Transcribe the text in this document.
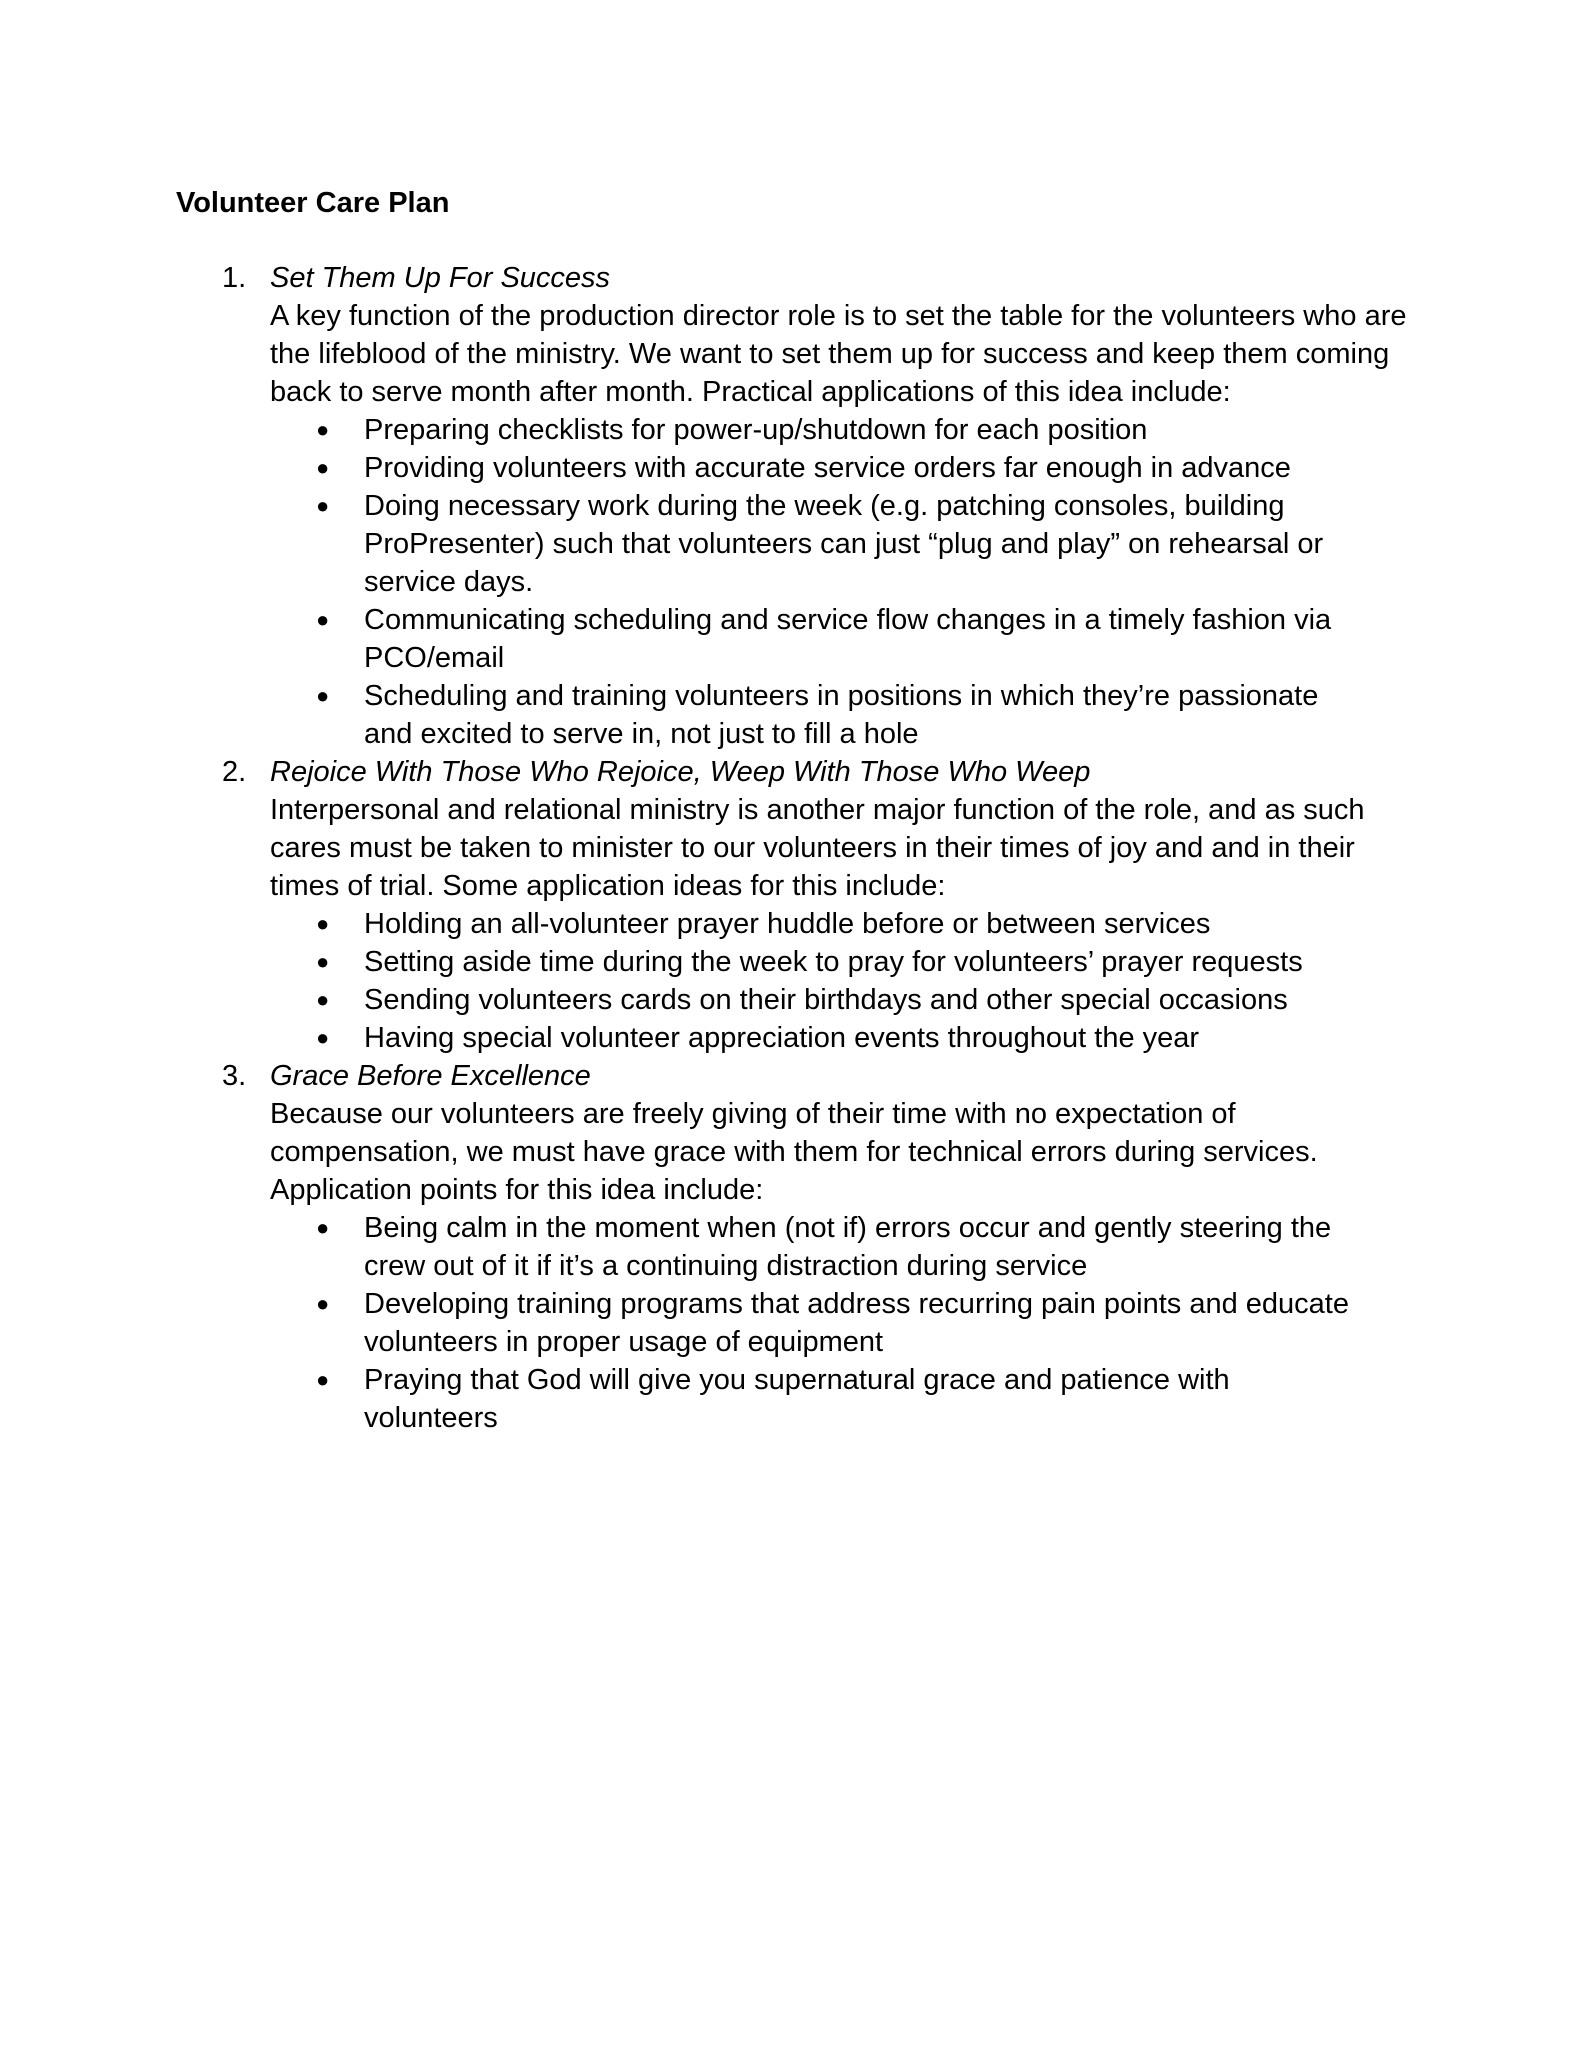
Volunteer Care Plan
1. Set Them Up For Success
A key function of the production director role is to set the table for the volunteers who are the lifeblood of the ministry. We want to set them up for success and keep them coming back to serve month after month. Practical applications of this idea include:
● Preparing checklists for power-up/shutdown for each position
● Providing volunteers with accurate service orders far enough in advance
● Doing necessary work during the week (e.g. patching consoles, building ProPresenter) such that volunteers can just “plug and play” on rehearsal or service days.
● Communicating scheduling and service flow changes in a timely fashion via PCO/email
● Scheduling and training volunteers in positions in which they’re passionate and excited to serve in, not just to fill a hole
2. Rejoice With Those Who Rejoice, Weep With Those Who Weep
Interpersonal and relational ministry is another major function of the role, and as such cares must be taken to minister to our volunteers in their times of joy and and in their times of trial. Some application ideas for this include:
● Holding an all-volunteer prayer huddle before or between services
● Setting aside time during the week to pray for volunteers’ prayer requests
● Sending volunteers cards on their birthdays and other special occasions
● Having special volunteer appreciation events throughout the year
3. Grace Before Excellence
Because our volunteers are freely giving of their time with no expectation of compensation, we must have grace with them for technical errors during services. Application points for this idea include:
● Being calm in the moment when (not if) errors occur and gently steering the crew out of it if it’s a continuing distraction during service
● Developing training programs that address recurring pain points and educate volunteers in proper usage of equipment
● Praying that God will give you supernatural grace and patience with volunteers
